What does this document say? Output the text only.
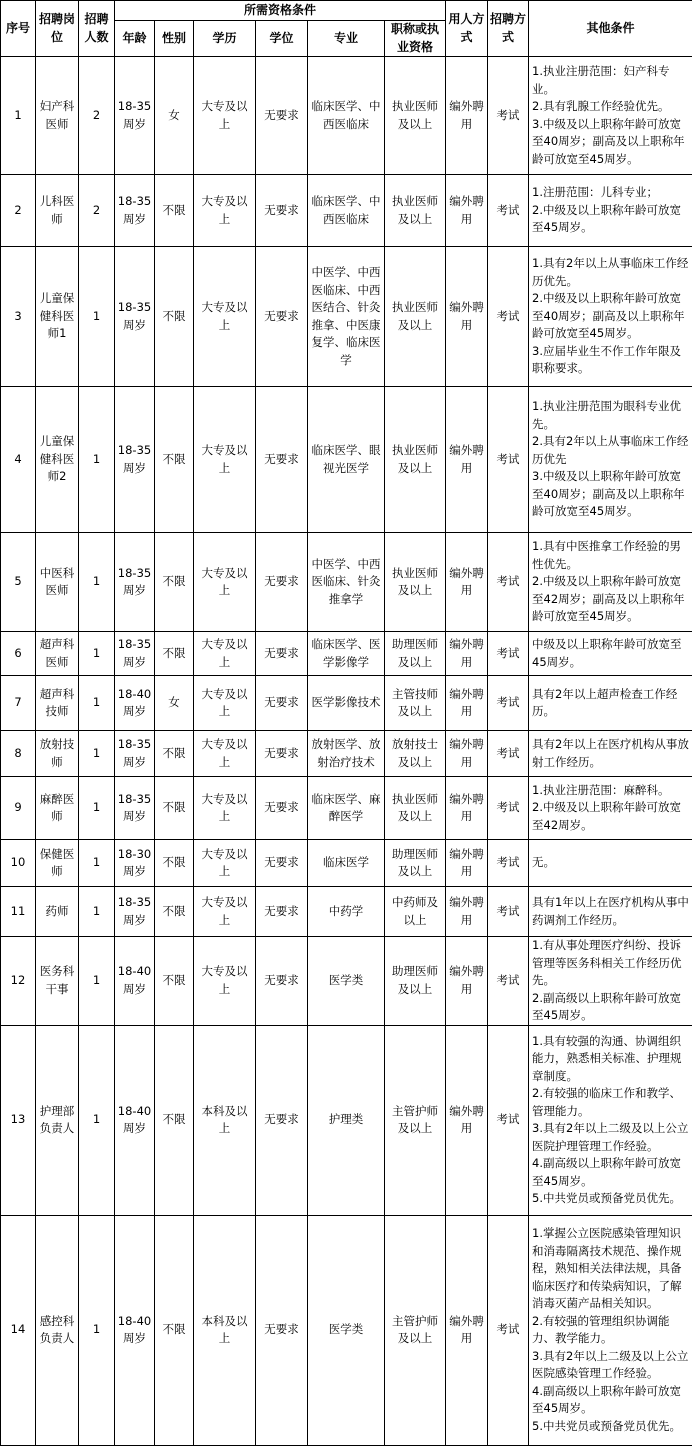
序号	招聘岗位	招聘人数	所需资格条件						用人方式	招聘方式	其他条件
			年龄	性别	学历	学位	专业	职称或执业资格			
1	妇产科医师	2	18-35周岁	女	大专及以上	无要求	临床医学、中西医临床	执业医师及以上	编外聘用	考试	1.执业注册范围：妇产科专业。
2.具有乳腺工作经验优先。
3.中级及以上职称年龄可放宽至40周岁；副高及以上职称年龄可放宽至45周岁。
2	儿科医师	2	18-35周岁	不限	大专及以上	无要求	临床医学、中西医临床	执业医师及以上	编外聘用	考试	1.注册范围：儿科专业；
2.中级及以上职称年龄可放宽至45周岁。
3	儿童保健科医师1	1	18-35周岁	不限	大专及以上	无要求	中医学、中西医临床、中西医结合、针灸推拿、中医康复学、临床医学	执业医师及以上	编外聘用	考试	1.具有2年以上从事临床工作经历优先。
2.中级及以上职称年龄可放宽至40周岁；副高及以上职称年龄可放宽至45周岁。
3.应届毕业生不作工作年限及职称要求。
4	儿童保健科医师2	1	18-35周岁	不限	大专及以上	无要求	临床医学、眼视光医学	执业医师及以上	编外聘用	考试	1.执业注册范围为眼科专业优先。
2.具有2年以上从事临床工作经历优先
3.中级及以上职称年龄可放宽至40周岁；副高及以上职称年龄可放宽至45周岁。
5	中医科医师	1	18-35周岁	不限	大专及以上	无要求	中医学、中西医临床、针灸推拿学	执业医师及以上	编外聘用	考试	1.具有中医推拿工作经验的男性优先。
2.中级及以上职称年龄可放宽至42周岁；副高及以上职称年龄可放宽至45周岁。
6	超声科医师	1	18-35周岁	不限	大专及以上	无要求	临床医学、医学影像学	助理医师及以上	编外聘用	考试	中级及以上职称年龄可放宽至45周岁。
7	超声科技师	1	18-40周岁	女	大专及以上	无要求	医学影像技术	主管技师及以上	编外聘用	考试	具有2年以上超声检查工作经历。
8	放射技师	1	18-35周岁	不限	大专及以上	无要求	放射医学、放射治疗技术	放射技士及以上	编外聘用	考试	具有2年以上在医疗机构从事放射工作经历。
9	麻醉医师	1	18-35周岁	不限	大专及以上	无要求	临床医学、麻醉医学	执业医师及以上	编外聘用	考试	1.执业注册范围：麻醉科。
2.中级及以上职称年龄可放宽至42周岁。
10	保健医师	1	18-30周岁	不限	大专及以上	无要求	临床医学	助理医师及以上	编外聘用	考试	无。
11	药师	1	18-35周岁	不限	大专及以上	无要求	中药学	中药师及以上	编外聘用	考试	具有1年以上在医疗机构从事中药调剂工作经历。
12	医务科干事	1	18-40周岁	不限	大专及以上	无要求	医学类	助理医师及以上	编外聘用	考试	1.有从事处理医疗纠纷、投诉管理等医务科相关工作经历优先。
2.副高级以上职称年龄可放宽至45周岁。
13	护理部负责人	1	18-40周岁	不限	本科及以上	无要求	护理类	主管护师及以上	编外聘用	考试	1.具有较强的沟通、协调组织能力，熟悉相关标准、护理规章制度。
2.有较强的临床工作和教学、管理能力。
3.具有2年以上二级及以上公立医院护理管理工作经验。
4.副高级以上职称年龄可放宽至45周岁。
5.中共党员或预备党员优先。
14	感控科负责人	1	18-40周岁	不限	本科及以上	无要求	医学类	主管护师及以上	编外聘用	考试	1.掌握公立医院感染管理知识和消毒隔离技术规范、操作规程，熟知相关法律法规，具备临床医疗和传染病知识，了解消毒灭菌产品相关知识。
2.有较强的管理组织协调能力、教学能力。
3.具有2年以上二级及以上公立医院感染管理工作经验。
4.副高级以上职称年龄可放宽至45周岁。
5.中共党员或预备党员优先。
